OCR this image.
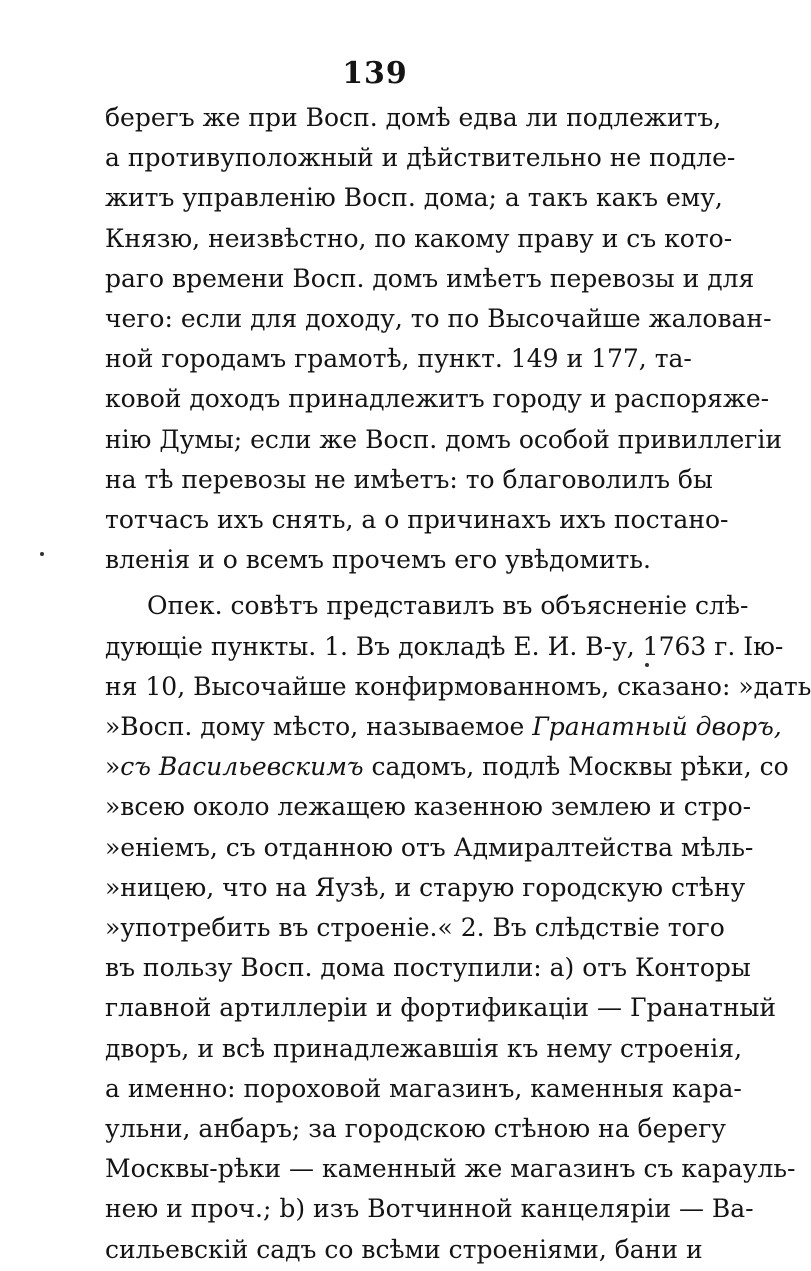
139
берегъ же при Восп. домѣ едва ли подлежитъ,
а противуположный и дѣйствительно не подле-
житъ управленію Восп. дома; а такъ какъ ему,
Князю, неизвѣстно, по какому праву и съ кото-
раго времени Восп. домъ имѣетъ перевозы и для
чего: если для доходу, то по Высочайше жалован-
ной городамъ грамотѣ, пункт. 149 и 177, та-
ковой доходъ принадлежитъ городу и распоряже-
нію Думы; если же Восп. домъ особой привиллегіи
на тѣ перевозы не имѣетъ: то благоволилъ бы
тотчасъ ихъ снять, а о причинахъ ихъ постано-
вленія и о всемъ прочемъ его увѣдомить.
Опек. совѣтъ представилъ въ объясненіе слѣ-
дующіе пункты. 1. Въ докладѣ Е. И. В-у, 1763 г. Ію-
ня 10, Высочайше конфирмованномъ, сказано: »дать
»Восп. дому мѣсто, называемое Гранатный дворъ,
»съ Васильевскимъ садомъ, подлѣ Москвы рѣки, со
»всею около лежащею казенною землею и стро-
»еніемъ, съ отданною отъ Адмиралтейства мѣль-
»ницею, что на Яузѣ, и старую городскую стѣну
»употребить въ строеніе.« 2. Въ слѣдствіе того
въ пользу Восп. дома поступили: a) отъ Конторы
главной артиллеріи и фортификаціи — Гранатный
дворъ, и всѣ принадлежавшія къ нему строенія,
а именно: пороховой магазинъ, каменныя кара-
ульни, анбаръ; за городскою стѣною на берегу
Москвы-рѣки — каменный же магазинъ съ карауль-
нею и проч.; b) изъ Вотчинной канцеляріи — Ва-
сильевскій садъ со всѣми строеніями, бани и
